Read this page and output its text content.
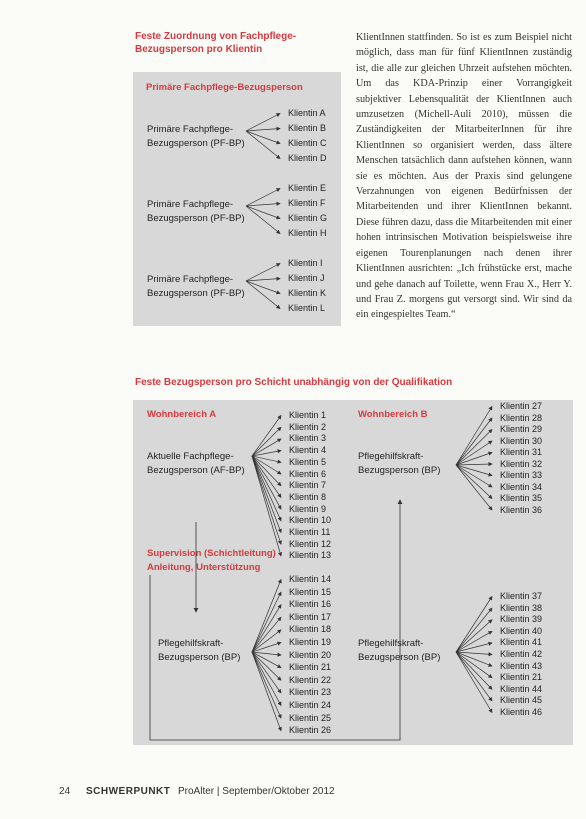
Feste Zuordnung von Fachpflege-Bezugsperson pro Klientin
Primäre Fachpflege-Bezugsperson
KlientInnen stattfinden. So ist es zum Beispiel nicht möglich, dass man für fünf KlientInnen zuständig ist, die alle zur gleichen Uhrzeit aufstehen möchten. Um das KDA-Prinzip einer Vorrangigkeit subjektiver Lebensqualität der KlientInnen auch umzusetzen (Michell-Auli 2010), müssen die Zuständigkeiten der MitarbeiterInnen für ihre KlientInnen so organisiert werden, dass ältere Menschen tatsächlich dann aufstehen können, wann sie es möchten. Aus der Praxis sind gelungene Verzahnungen von eigenen Bedürfnissen der Mitarbeitenden und ihrer KlientInnen bekannt. Diese führen dazu, dass die Mitarbeitenden mit einer hohen intrinsischen Motivation beispielsweise ihre eigenen Tourenplanungen nach denen ihrer KlientInnen ausrichten: „Ich frühstücke erst, mache und gehe danach auf Toilette, wenn Frau X., Herr Y. und Frau Z. morgens gut versorgt sind. Wir sind da ein eingespieltes Team.“
Feste Bezugsperson pro Schicht unabhängig von der Qualifikation
Wohnbereich A	Wohnbereich B
Aktuelle Fachpflege-Bezugsperson (AF-BP)
Supervision (Schichtleitung) Anleitung, Unterstützung
Pflegehilfskraft-Bezugsperson (BP)
Pflegehilfskraft-Bezugsperson (BP)
Pflegehilfskraft-Bezugsperson (BP)
Primäre Fachpflege-Bezugsperson (PF-BP)
Klientin A
Klientin B
Klientin C
Klientin D
Primäre Fachpflege-Bezugsperson (PF-BP)
Klientin E
Klientin F
Klientin G
Klientin H
Primäre Fachpflege-Bezugsperson (PF-BP)
Klientin I
Klientin J
Klientin K
Klientin L
Klientin 1
Klientin 2
Klientin 3
Klientin 4
Klientin 5
Klientin 6
Klientin 7
Klientin 8
Klientin 9
Klientin 10
Klientin 11
Klientin 12
Klientin 13
Klientin 14
Klientin 15
Klientin 16
Klientin 17
Klientin 18
Klientin 19
Klientin 20
Klientin 21
Klientin 22
Klientin 23
Klientin 24
Klientin 25
Klientin 26
Klientin 27
Klientin 28
Klientin 29
Klientin 30
Klientin 31
Klientin 32
Klientin 33
Klientin 34
Klientin 35
Klientin 36
Klientin 37
Klientin 38
Klientin 39
Klientin 40
Klientin 41
Klientin 42
Klientin 43
Klientin 21
Klientin 44
Klientin 45
Klientin 46
24 SCHWERPUNKT ProAlter | September/Oktober 2012
